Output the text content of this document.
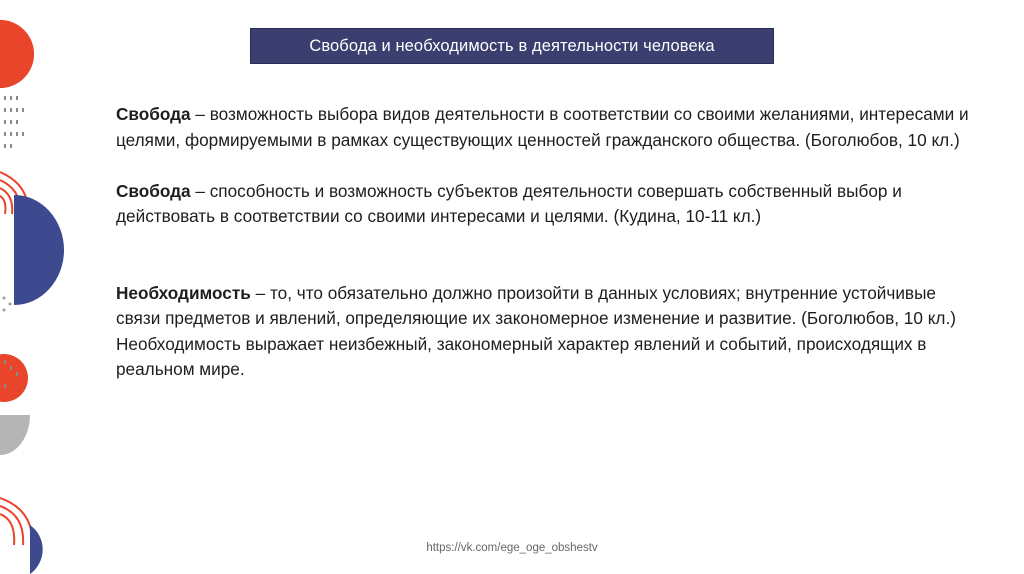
Свобода и необходимость в деятельности человека

Свобода – возможность выбора видов деятельности в соответствии со своими желаниями, интересами и целями, формируемыми в рамках существующих ценностей гражданского общества. (Боголюбов, 10 кл.)

Свобода – способность и возможность субъектов деятельности совершать собственный выбор и действовать в соответствии со своими интересами и целями. (Кудина, 10-11 кл.)

Необходимость – то, что обязательно должно произойти в данных условиях; внутренние устойчивые связи предметов и явлений, определяющие их закономерное изменение и развитие. (Боголюбов, 10 кл.)

Необходимость выражает неизбежный, закономерный характер явлений и событий, происходящих в реальном мире.

https://vk.com/ege_oge_obshestv
